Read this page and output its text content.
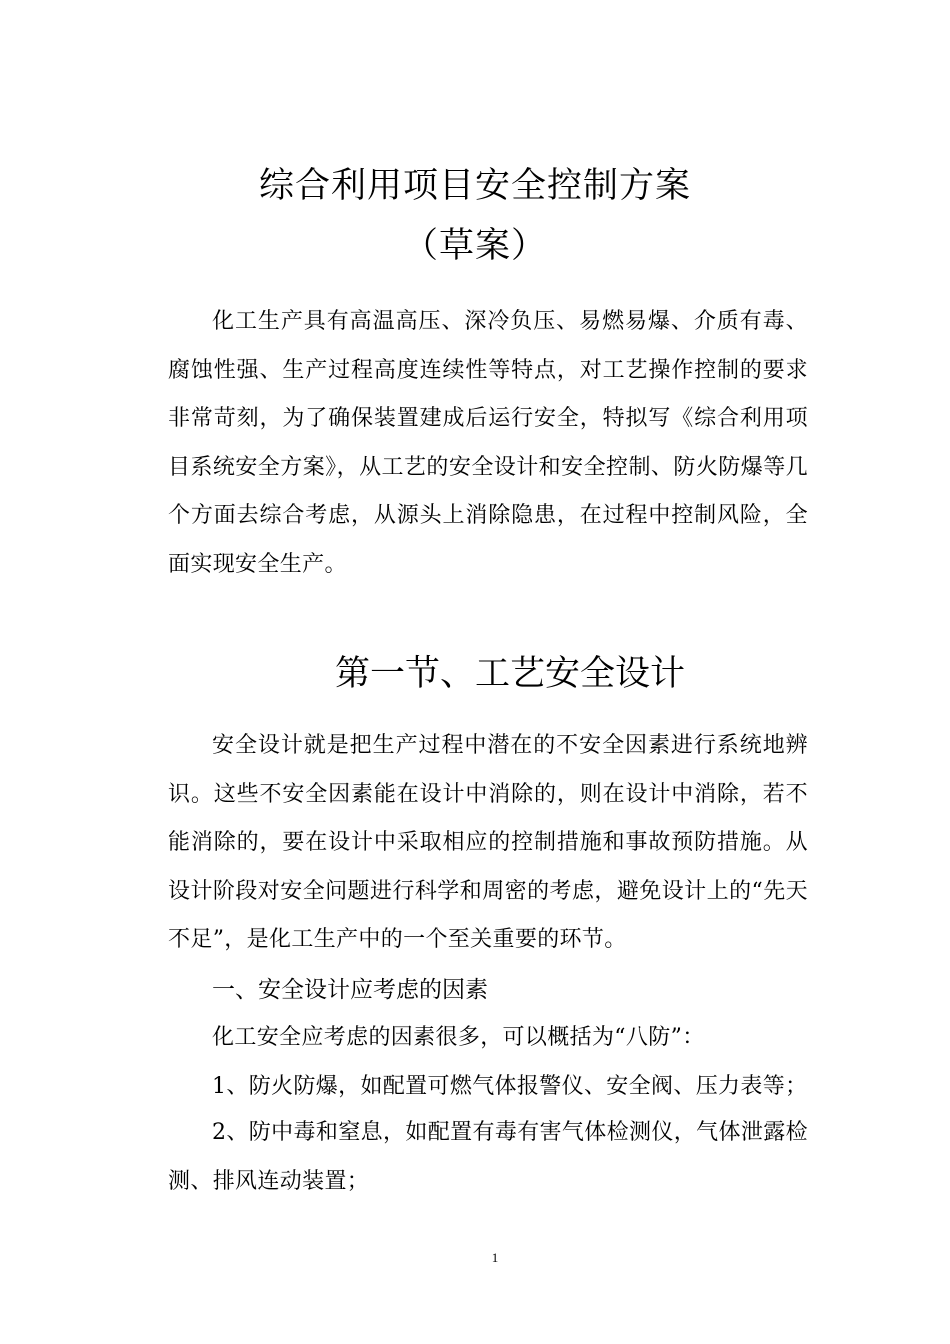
综合利用项目安全控制方案
（草案）

化工生产具有高温高压、深冷负压、易燃易爆、介质有毒、腐蚀性强、生产过程高度连续性等特点，对工艺操作控制的要求非常苛刻，为了确保装置建成后运行安全，特拟写《综合利用项目系统安全方案》，从工艺的安全设计和安全控制、防火防爆等几个方面去综合考虑，从源头上消除隐患，在过程中控制风险，全面实现安全生产。

第一节、工艺安全设计

安全设计就是把生产过程中潜在的不安全因素进行系统地辨识。这些不安全因素能在设计中消除的，则在设计中消除，若不能消除的，要在设计中采取相应的控制措施和事故预防措施。从设计阶段对安全问题进行科学和周密的考虑，避免设计上的“先天不足”，是化工生产中的一个至关重要的环节。

一、安全设计应考虑的因素
化工安全应考虑的因素很多，可以概括为“八防”：
1、防火防爆，如配置可燃气体报警仪、安全阀、压力表等；

2、防中毒和窒息，如配置有毒有害气体检测仪，气体泄露检测、排风连动装置；

1
